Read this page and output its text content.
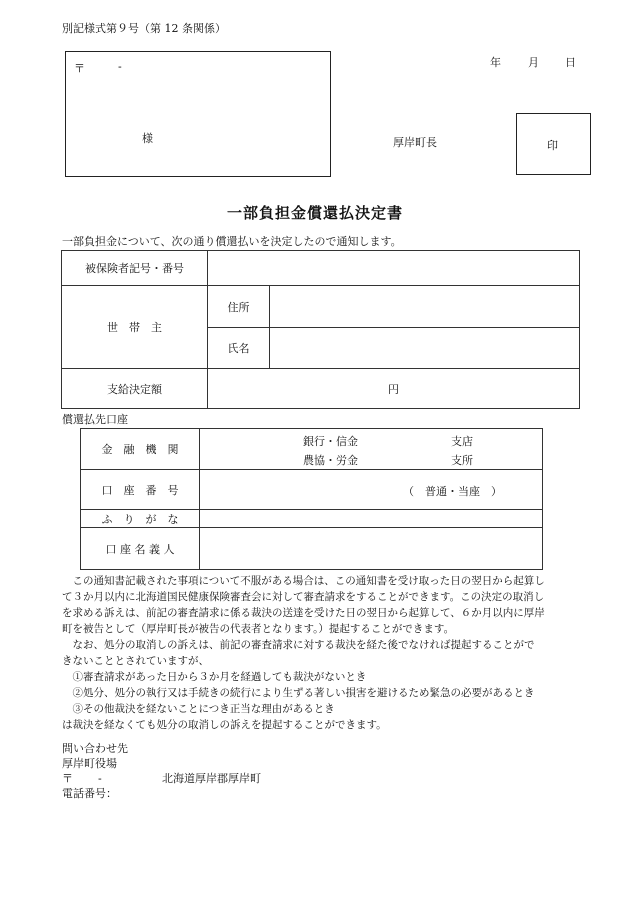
別記様式第９号（第 12 条関係）
年 月 日
〒	-
様	厚岸町長	印
一部負担金償還払決定書
一部負担金について、次の通り償還払いを決定したので通知します。
被保険者記号・番号		
世　帯　主	住所	
	氏名	
支給決定額	円	
償還払先口座
金　融　機　関	銀行・信金 支店
農協・労金 支所

口　座　番　号	（　普通・当座　）

ふ　り　が　な	
口 座 名 義 人	

　この通知書記載された事項について不服がある場合は、この通知書を受け取った日の翌日から起算し

て３か月以内に北海道国民健康保険審査会に対して審査請求をすることができます。この決定の取消し

を求める訴えは、前記の審査請求に係る裁決の送達を受けた日の翌日から起算して、６か月以内に厚岸

町を被告として（厚岸町長が被告の代表者となります。）提起することができます。

　なお、処分の取消しの訴えは、前記の審査請求に対する裁決を経た後でなければ提起することがで

きないこととされていますが、

　①審査請求があった日から３か月を経過しても裁決がないとき

　②処分、処分の執行又は手続きの続行により生ずる著しい損害を避けるため緊急の必要があるとき

　③その他裁決を経ないことにつき正当な理由があるとき

は裁決を経なくても処分の取消しの訴えを提起することができます。

問い合わせ先
厚岸町役場
〒 -	北海道厚岸郡厚岸町
電話番号：
